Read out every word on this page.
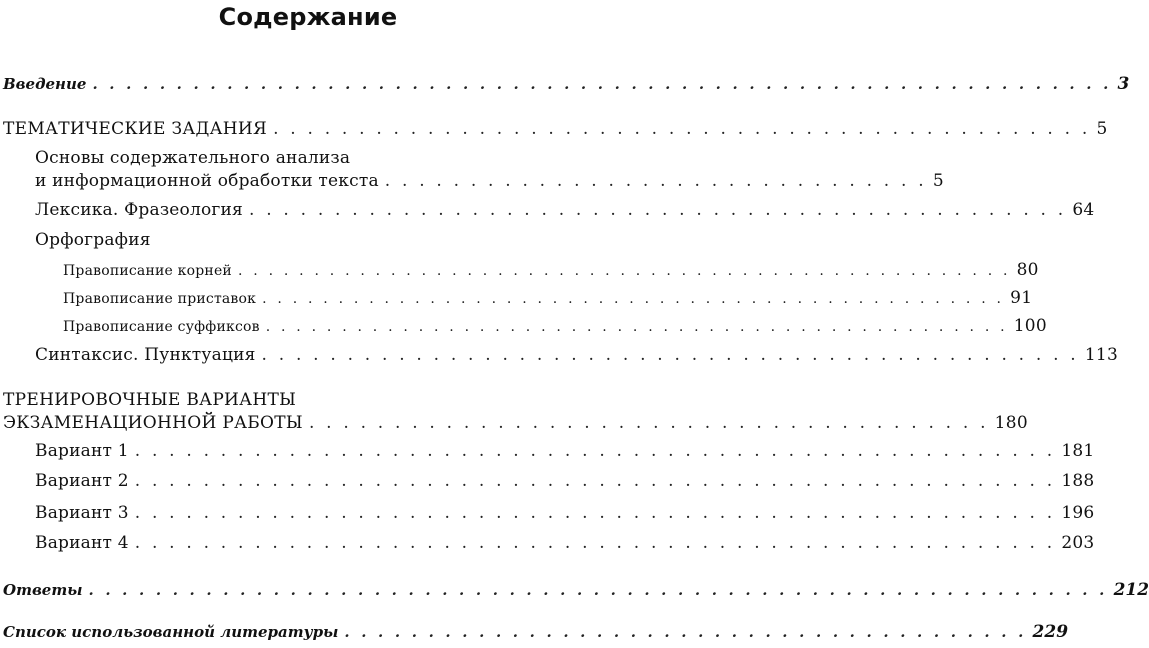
Содержание
Введение . . . . . . . . . . . . . . . . . . . . . . . . . . . . . . . . . . . . . . . . . . . . . . . . . . . . . . . . . . . . . 3
ТЕМАТИЧЕСКИЕ ЗАДАНИЯ . . . . . . . . . . . . . . . . . . . . . . . . . . . . . . . . . . . . . . . . . . . . . . . . 5
Основы содержательного анализа
и информационной обработки текста . . . . . . . . . . . . . . . . . . . . . . . . . . . . . . . . 5
Лексика. Фразеология . . . . . . . . . . . . . . . . . . . . . . . . . . . . . . . . . . . . . . . . . . . . . . . . 64
Орфография
Правописание корней . . . . . . . . . . . . . . . . . . . . . . . . . . . . . . . . . . . . . . . . . . . . . . . . . . . 80
Правописание приставок . . . . . . . . . . . . . . . . . . . . . . . . . . . . . . . . . . . . . . . . . . . . . . . . . 91
Правописание суффиксов . . . . . . . . . . . . . . . . . . . . . . . . . . . . . . . . . . . . . . . . . . . . . . . . . 100
Синтаксис. Пунктуация . . . . . . . . . . . . . . . . . . . . . . . . . . . . . . . . . . . . . . . . . . . . . . . . 113
ТРЕНИРОВОЧНЫЕ ВАРИАНТЫ
ЭКЗАМЕНАЦИОННОЙ РАБОТЫ . . . . . . . . . . . . . . . . . . . . . . . . . . . . . . . . . . . . . . . . 180
Вариант 1 . . . . . . . . . . . . . . . . . . . . . . . . . . . . . . . . . . . . . . . . . . . . . . . . . . . . . . 181
Вариант 2 . . . . . . . . . . . . . . . . . . . . . . . . . . . . . . . . . . . . . . . . . . . . . . . . . . . . . . 188
Вариант 3 . . . . . . . . . . . . . . . . . . . . . . . . . . . . . . . . . . . . . . . . . . . . . . . . . . . . . . 196
Вариант 4 . . . . . . . . . . . . . . . . . . . . . . . . . . . . . . . . . . . . . . . . . . . . . . . . . . . . . . 203
Ответы . . . . . . . . . . . . . . . . . . . . . . . . . . . . . . . . . . . . . . . . . . . . . . . . . . . . . . . . . . . . . 212
Список использованной литературы . . . . . . . . . . . . . . . . . . . . . . . . . . . . . . . . . . . . . . . . . 229
